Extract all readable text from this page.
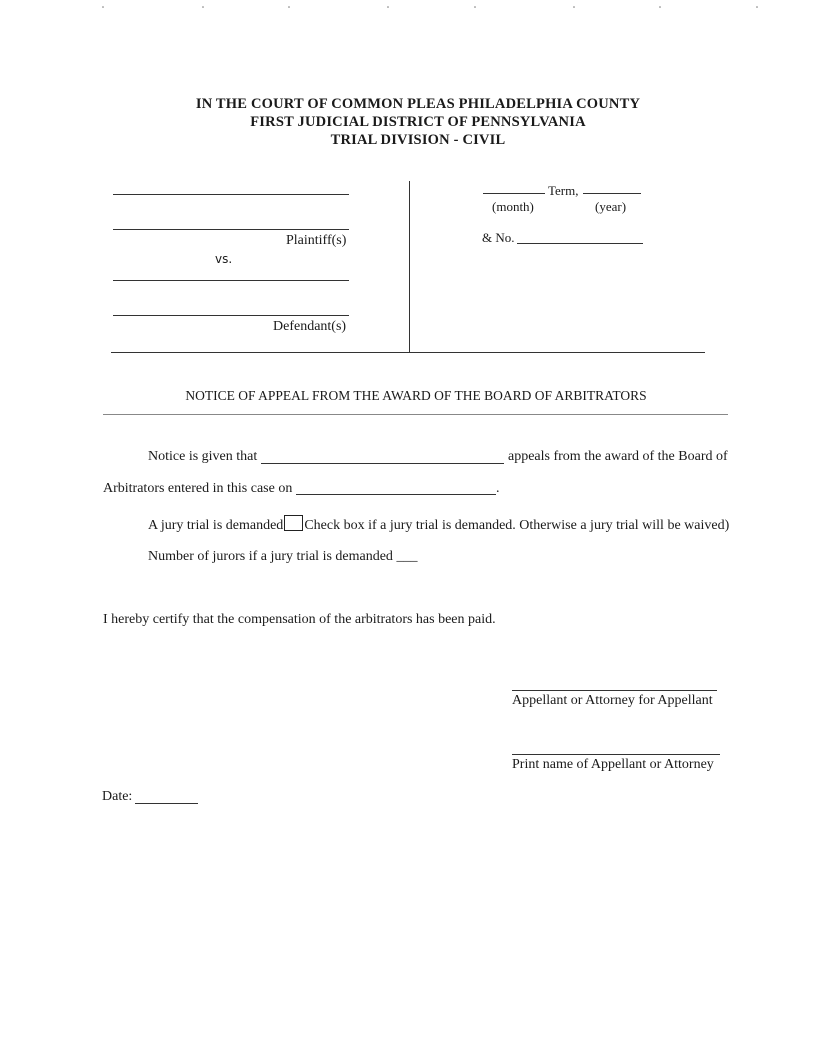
IN THE COURT OF COMMON PLEAS PHILADELPHIA COUNTY
FIRST JUDICIAL DISTRICT OF PENNSYLVANIA
TRIAL DIVISION - CIVIL
Plaintiff(s)
vs.
Defendant(s)
Term,
(month)	(year)
& No.
NOTICE OF APPEAL FROM THE AWARD OF THE BOARD OF ARBITRATORS
Notice is given that	appeals from the award of the Board of
Arbitrators entered in this case on	.
A jury trial is demanded Check box if a jury trial is demanded. Otherwise a jury trial will be waived)
Number of jurors if a jury trial is demanded ___
I hereby certify that the compensation of the arbitrators has been paid.
Appellant or Attorney for Appellant
Print name of Appellant or Attorney
Date:
